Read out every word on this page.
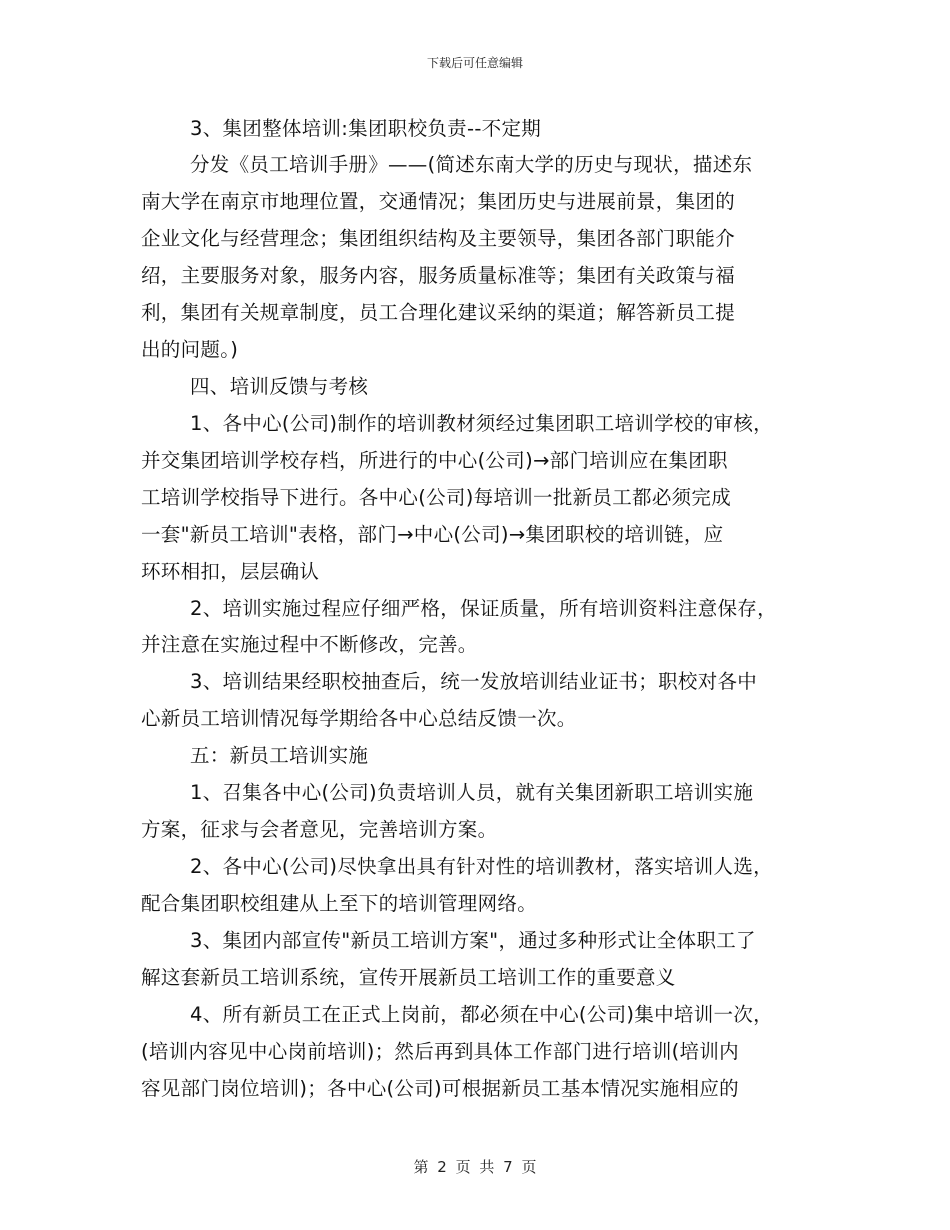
下载后可任意编辑
3、集团整体培训:集团职校负责--不定期
分发《员工培训手册》——(简述东南大学的历史与现状，描述东
南大学在南京市地理位置，交通情况；集团历史与进展前景，集团的
企业文化与经营理念；集团组织结构及主要领导，集团各部门职能介
绍，主要服务对象，服务内容，服务质量标准等；集团有关政策与福
利，集团有关规章制度，员工合理化建议采纳的渠道；解答新员工提
出的问题。)
四、培训反馈与考核
1、各中心(公司)制作的培训教材须经过集团职工培训学校的审核，
并交集团培训学校存档，所进行的中心(公司)→部门培训应在集团职
工培训学校指导下进行。各中心(公司)每培训一批新员工都必须完成
一套"新员工培训"表格，部门→中心(公司)→集团职校的培训链，应
环环相扣，层层确认
2、培训实施过程应仔细严格，保证质量，所有培训资料注意保存，
并注意在实施过程中不断修改，完善。
3、培训结果经职校抽查后，统一发放培训结业证书；职校对各中
心新员工培训情况每学期给各中心总结反馈一次。
五：新员工培训实施
1、召集各中心(公司)负责培训人员，就有关集团新职工培训实施
方案，征求与会者意见，完善培训方案。
2、各中心(公司)尽快拿出具有针对性的培训教材，落实培训人选，
配合集团职校组建从上至下的培训管理网络。
3、集团内部宣传"新员工培训方案"，通过多种形式让全体职工了
解这套新员工培训系统，宣传开展新员工培训工作的重要意义
4、所有新员工在正式上岗前，都必须在中心(公司)集中培训一次，
(培训内容见中心岗前培训)；然后再到具体工作部门进行培训(培训内
容见部门岗位培训)；各中心(公司)可根据新员工基本情况实施相应的
第 2 页 共 7 页
